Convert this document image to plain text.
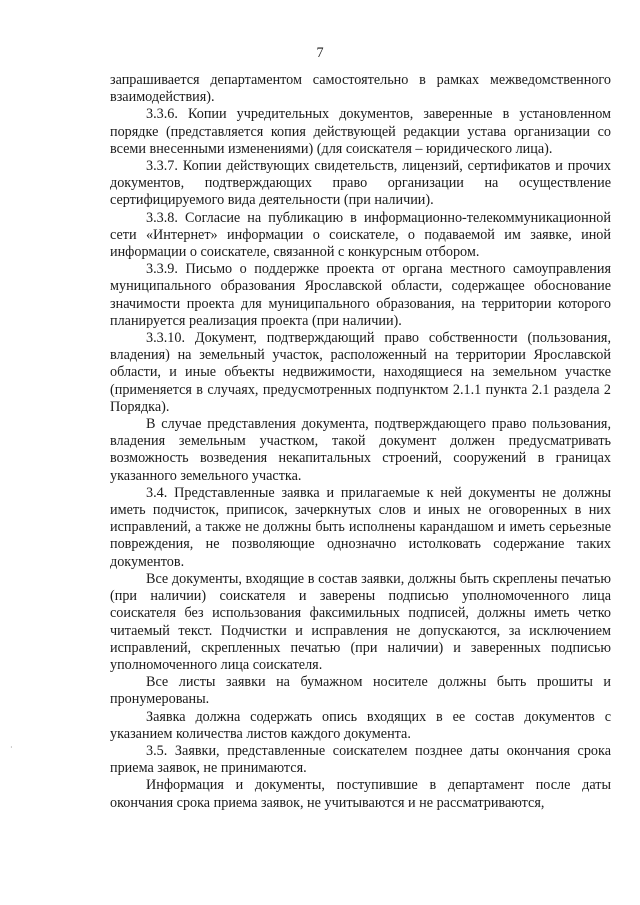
7

запрашивается департаментом самостоятельно в рамках межведомственного взаимодействия).

3.3.6. Копии учредительных документов, заверенные в установленном порядке (представляется копия действующей редакции устава организации со всеми внесенными изменениями) (для соискателя – юридического лица).

3.3.7. Копии действующих свидетельств, лицензий, сертификатов и прочих документов, подтверждающих право организации на осуществление сертифицируемого вида деятельности (при наличии).

3.3.8. Согласие на публикацию в информационно-телекоммуникационной сети «Интернет» информации о соискателе, о подаваемой им заявке, иной информации о соискателе, связанной с конкурсным отбором.

3.3.9. Письмо о поддержке проекта от органа местного самоуправления муниципального образования Ярославской области, содержащее обоснование значимости проекта для муниципального образования, на территории которого планируется реализация проекта (при наличии).

3.3.10. Документ, подтверждающий право собственности (пользования, владения) на земельный участок, расположенный на территории Ярославской области, и иные объекты недвижимости, находящиеся на земельном участке (применяется в случаях, предусмотренных подпунктом 2.1.1 пункта 2.1 раздела 2 Порядка).

В случае представления документа, подтверждающего право пользования, владения земельным участком, такой документ должен предусматривать возможность возведения некапитальных строений, сооружений в границах указанного земельного участка.

3.4. Представленные заявка и прилагаемые к ней документы не должны иметь подчисток, приписок, зачеркнутых слов и иных не оговоренных в них исправлений, а также не должны быть исполнены карандашом и иметь серьезные повреждения, не позволяющие однозначно истолковать содержание таких документов.

Все документы, входящие в состав заявки, должны быть скреплены печатью (при наличии) соискателя и заверены подписью уполномоченного лица соискателя без использования факсимильных подписей, должны иметь четко читаемый текст. Подчистки и исправления не допускаются, за исключением исправлений, скрепленных печатью (при наличии) и заверенных подписью уполномоченного лица соискателя.

Все листы заявки на бумажном носителе должны быть прошиты и пронумерованы.

Заявка должна содержать опись входящих в ее состав документов с указанием количества листов каждого документа.

3.5. Заявки, представленные соискателем позднее даты окончания срока приема заявок, не принимаются.

Информация и документы, поступившие в департамент после даты окончания срока приема заявок, не учитываются и не рассматриваются,

·
